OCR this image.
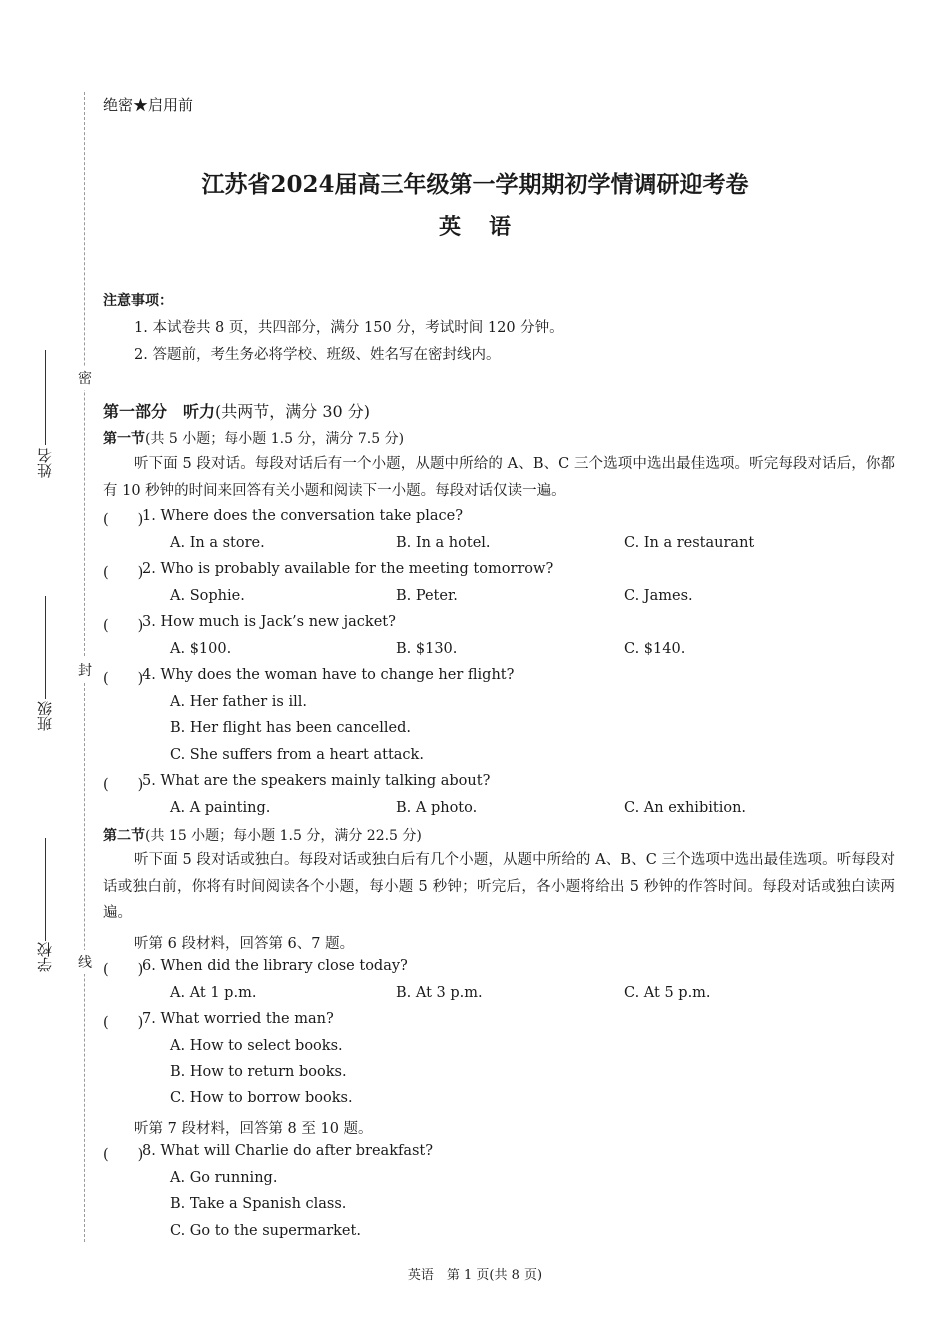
密
封
线
姓名
班级
学校
绝密★启用前
江苏省2024届高三年级第一学期期初学情调研迎考卷
英语
注意事项：
1. 本试卷共 8 页，共四部分，满分 150 分，考试时间 120 分钟。
2. 答题前，考生务必将学校、班级、姓名写在密封线内。
第一部分　听力(共两节，满分 30 分)
第一节(共 5 小题；每小题 1.5 分，满分 7.5 分)
听下面 5 段对话。每段对话后有一个小题，从题中所给的 A、B、C 三个选项中选出最佳选项。听完每段对话后，你都有 10 秒钟的时间来回答有关小题和阅读下一小题。每段对话仅读一遍。
(　　)
1. Where does the conversation take place?
A. In a store.	B. In a hotel.	C. In a restaurant
(　　)
2. Who is probably available for the meeting tomorrow?
A. Sophie.	B. Peter.	C. James.
(　　)
3. How much is Jack’s new jacket?
A. $100.	B. $130.	C. $140.
(　　)
4. Why does the woman have to change her flight?
A. Her father is ill.
B. Her flight has been cancelled.
C. She suffers from a heart attack.
(　　)
5. What are the speakers mainly talking about?
A. A painting.	B. A photo.	C. An exhibition.
第二节(共 15 小题；每小题 1.5 分，满分 22.5 分)
听下面 5 段对话或独白。每段对话或独白后有几个小题，从题中所给的 A、B、C 三个选项中选出最佳选项。听每段对话或独白前，你将有时间阅读各个小题，每小题 5 秒钟；听完后，各小题将给出 5 秒钟的作答时间。每段对话或独白读两遍。
听第 6 段材料，回答第 6、7 题。
(　　)
6. When did the library close today?
A. At 1 p.m.	B. At 3 p.m.	C. At 5 p.m.
(　　)
7. What worried the man?
A. How to select books.
B. How to return books.
C. How to borrow books.
听第 7 段材料，回答第 8 至 10 题。
(　　)
8. What will Charlie do after breakfast?
A. Go running.
B. Take a Spanish class.
C. Go to the supermarket.
英语　第 1 页(共 8 页)
